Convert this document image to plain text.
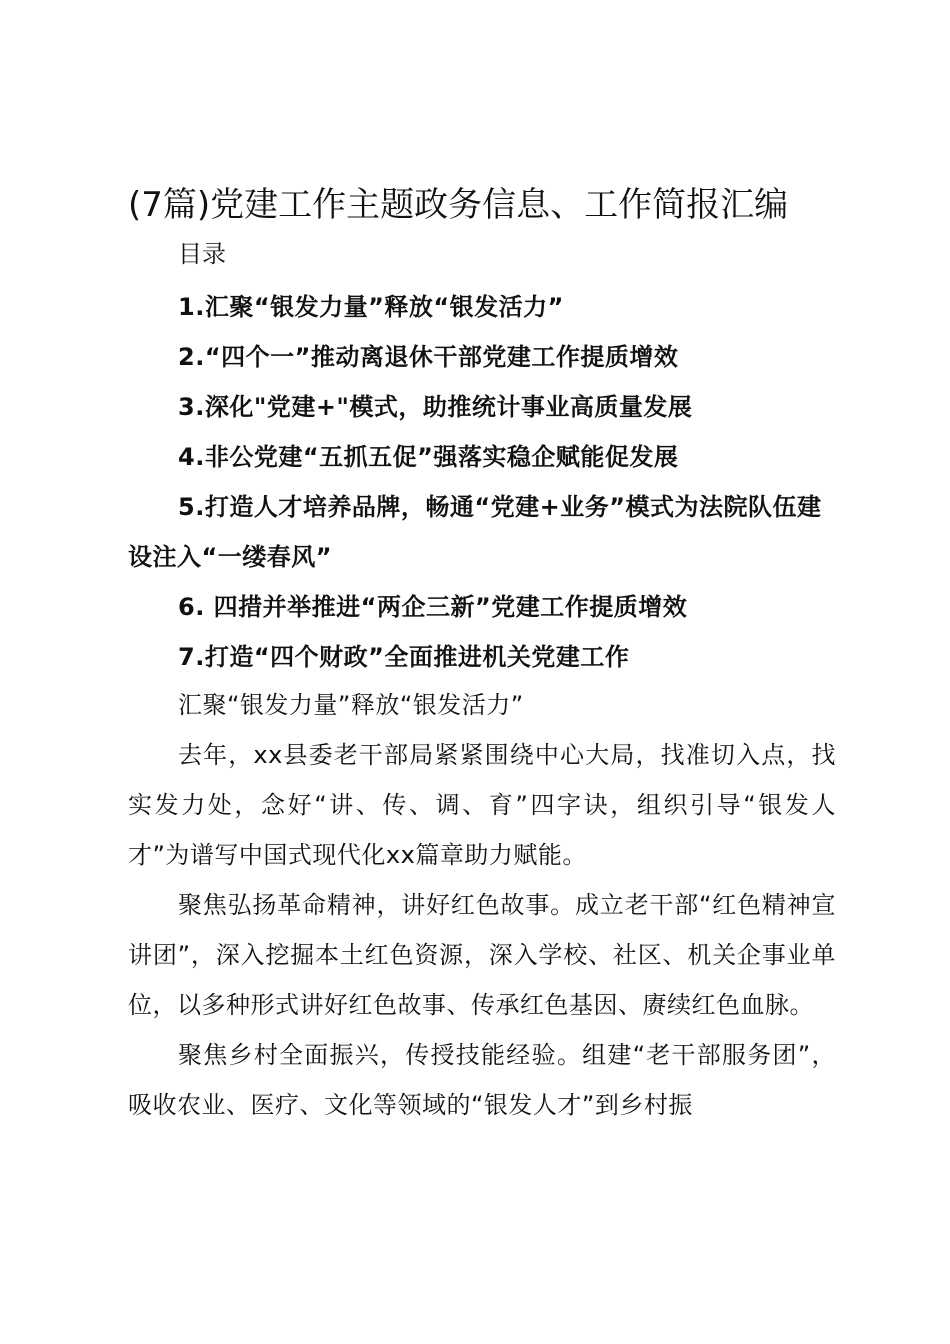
(7篇)党建工作主题政务信息、工作简报汇编
目录
1.汇聚“银发力量”释放“银发活力”
2.“四个一”推动离退休干部党建工作提质增效
3.深化"党建+"模式，助推统计事业高质量发展
4.非公党建“五抓五促”强落实稳企赋能促发展
5.打造人才培养品牌，畅通“党建+业务”模式为法院队伍建设注入“一缕春风”
6. 四措并举推进“两企三新”党建工作提质增效
7.打造“四个财政”全面推进机关党建工作

汇聚“银发力量”释放“银发活力”

去年，xx县委老干部局紧紧围绕中心大局，找准切入点，找实发力处，念好“讲、传、调、育”四字诀，组织引导“银发人才”为谱写中国式现代化xx篇章助力赋能。

聚焦弘扬革命精神，讲好红色故事。成立老干部“红色精神宣讲团”，深入挖掘本土红色资源，深入学校、社区、机关企事业单位，以多种形式讲好红色故事、传承红色基因、赓续红色血脉。

聚焦乡村全面振兴，传授技能经验。组建“老干部服务团”，吸收农业、医疗、文化等领域的“银发人才”到乡村振
